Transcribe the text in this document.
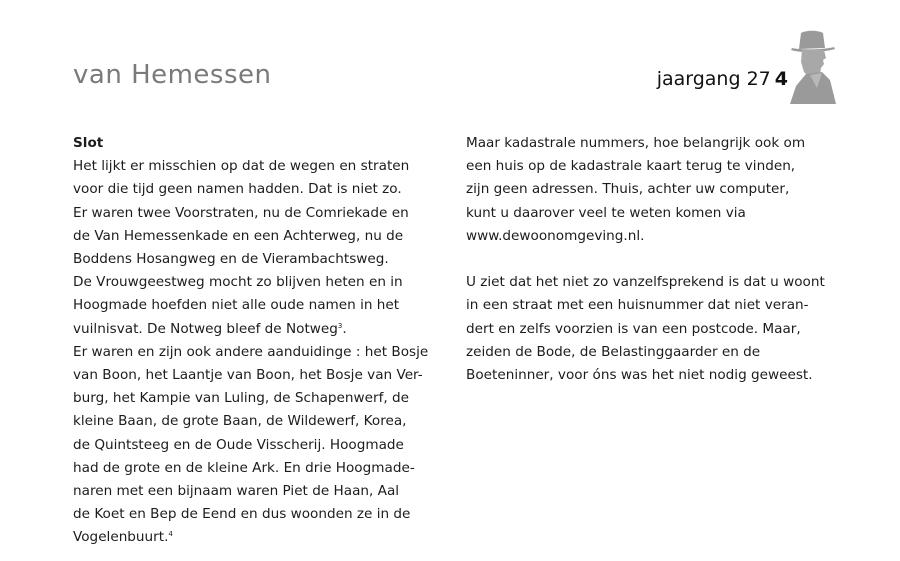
van Hemessen	jaargang 27 4
Slot
Het lijkt er misschien op dat de wegen en straten
voor die tijd geen namen hadden. Dat is niet zo.
Er waren twee Voorstraten, nu de Comriekade en
de Van Hemessenkade en een Achterweg, nu de
Boddens Hosangweg en de Vierambachtsweg.
De Vrouwgeestweg mocht zo blijven heten en in
Hoogmade hoefden niet alle oude namen in het
vuilnisvat. De Notweg bleef de Notweg$^3$.
Er waren en zijn ook andere aanduidinge : het Bosje
van Boon, het Laantje van Boon, het Bosje van Ver-
burg, het Kampie van Luling, de Schapenwerf, de
kleine Baan, de grote Baan, de Wildewerf, Korea,
de Quintsteeg en de Oude Visscherij. Hoogmade
had de grote en de kleine Ark. En drie Hoogmade-
naren met een bijnaam waren Piet de Haan, Aal
de Koet en Bep de Eend en dus woonden ze in de
Vogelenbuurt.$^4$
Maar kadastrale nummers, hoe belangrijk ook om
een huis op de kadastrale kaart terug te vinden,
zijn geen adressen. Thuis, achter uw computer,
kunt u daarover veel te weten komen via
www.dewoonomgeving.nl.
U ziet dat het niet zo vanzelfsprekend is dat u woont
in een straat met een huisnummer dat niet veran-
dert en zelfs voorzien is van een postcode. Maar,
zeiden de Bode, de Belastinggaarder en de
Boeteninner, voor óns was het niet nodig geweest.
